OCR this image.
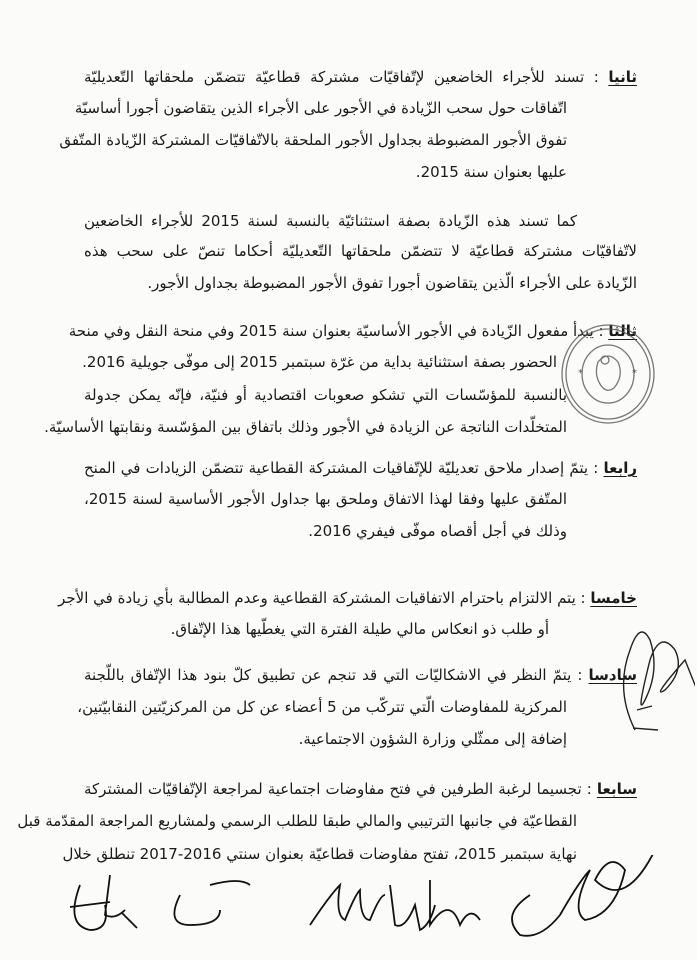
ثانيا : تسند للأجراء الخاضعين لإتّفاقيّات مشتركة قطاعيّة تتضمّن ملحقاتها التّعديليّة
اتّفاقات حول سحب الزّيادة في الأجور على الأجراء الذين يتقاضون أجورا أساسيّة
تفوق الأجور المضبوطة بجداول الأجور الملحقة بالاتّفاقيّات المشتركة الزّيادة المتّفق
عليها بعنوان سنة 2015.
كما تسند هذه الزّيادة بصفة استثنائيّة بالنسبة لسنة 2015 للأجراء الخاضعين
لاتّفاقيّات مشتركة قطاعيّة لا تتضمّن ملحقاتها التّعديليّة أحكاما تنصّ على سحب هذه
الزّيادة على الأجراء الّذين يتقاضون أجورا تفوق الأجور المضبوطة بجداول الأجور.
ثالثا : يبدأ مفعول الزّيادة في الأجور الأساسيّة بعنوان سنة 2015 وفي منحة النقل وفي منحة
الحضور بصفة استثنائية بداية من غرّة سبتمبر 2015 إلى موفّى جويلية 2016.
بالنسبة للمؤسّسات التي تشكو صعوبات اقتصادية أو فنيّة، فإنّه يمكن جدولة
المتخلّدات الناتجة عن الزيادة في الأجور وذلك باتفاق بين المؤسّسة ونقابتها الأساسيّة.
رابعا : يتمّ إصدار ملاحق تعديليّة للإتّفاقيات المشتركة القطاعية تتضمّن الزيادات في المنح
المتّفق عليها وفقا لهذا الاتفاق وملحق بها جداول الأجور الأساسية لسنة 2015،
وذلك في أجل أقصاه موفّى فيفري 2016.
خامسا : يتم الالتزام باحترام الاتفاقيات المشتركة القطاعية وعدم المطالبة بأي زيادة في الأجر
أو طلب ذو انعكاس مالي طيلة الفترة التي يغطّيها هذا الإتّفاق.
سادسا : يتمّ النظر في الاشكاليّات التي قد تنجم عن تطبيق كلّ بنود هذا الإتّفاق باللّجنة
المركزية للمفاوضات الّتي تتركّب من 5 أعضاء عن كل من المركزيّتين النقابيّتين،
إضافة إلى ممثّلي وزارة الشؤون الاجتماعية.
سابعا : تجسيما لرغبة الطرفين في فتح مفاوضات اجتماعية لمراجعة الإتّفاقيّات المشتركة
القطاعيّة في جانبها الترتيبي والمالي طبقا للطلب الرسمي ولمشاريع المراجعة المقدّمة قبل
نهاية سبتمبر 2015، تفتح مفاوضات قطاعيّة بعنوان سنتي 2016-2017 تنطلق خلال
*	*
